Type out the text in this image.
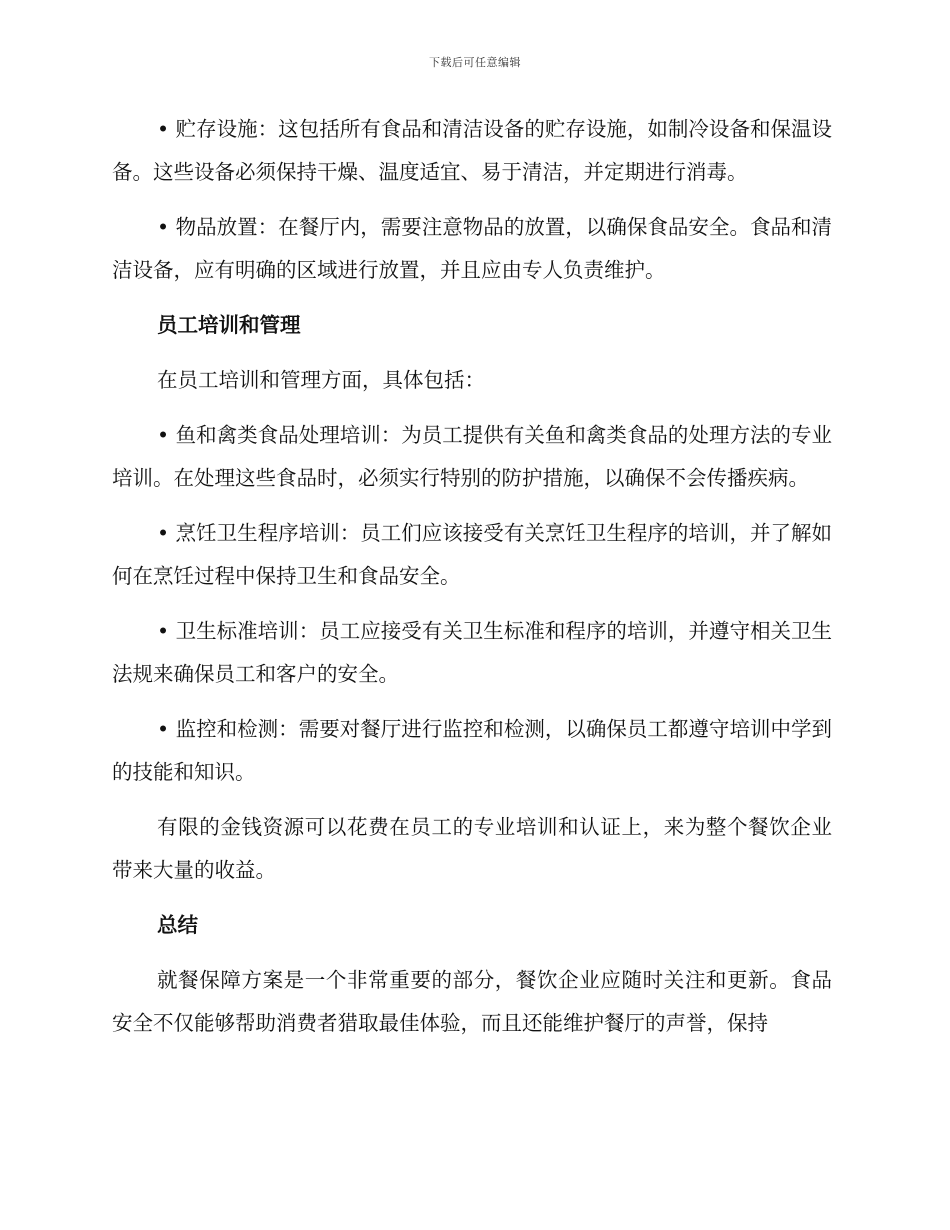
下载后可任意编辑

• 贮存设施：这包括所有食品和清洁设备的贮存设施，如制冷设备和保温设备。这些设备必须保持干燥、温度适宜、易于清洁，并定期进行消毒。

• 物品放置：在餐厅内，需要注意物品的放置，以确保食品安全。食品和清洁设备，应有明确的区域进行放置，并且应由专人负责维护。

员工培训和管理

在员工培训和管理方面，具体包括：

• 鱼和禽类食品处理培训：为员工提供有关鱼和禽类食品的处理方法的专业培训。在处理这些食品时，必须实行特别的防护措施，以确保不会传播疾病。

• 烹饪卫生程序培训：员工们应该接受有关烹饪卫生程序的培训，并了解如何在烹饪过程中保持卫生和食品安全。

• 卫生标准培训：员工应接受有关卫生标准和程序的培训，并遵守相关卫生法规来确保员工和客户的安全。

• 监控和检测：需要对餐厅进行监控和检测，以确保员工都遵守培训中学到的技能和知识。

有限的金钱资源可以花费在员工的专业培训和认证上，来为整个餐饮企业带来大量的收益。

总结

就餐保障方案是一个非常重要的部分，餐饮企业应随时关注和更新。食品安全不仅能够帮助消费者猎取最佳体验，而且还能维护餐厅的声誉，保持
